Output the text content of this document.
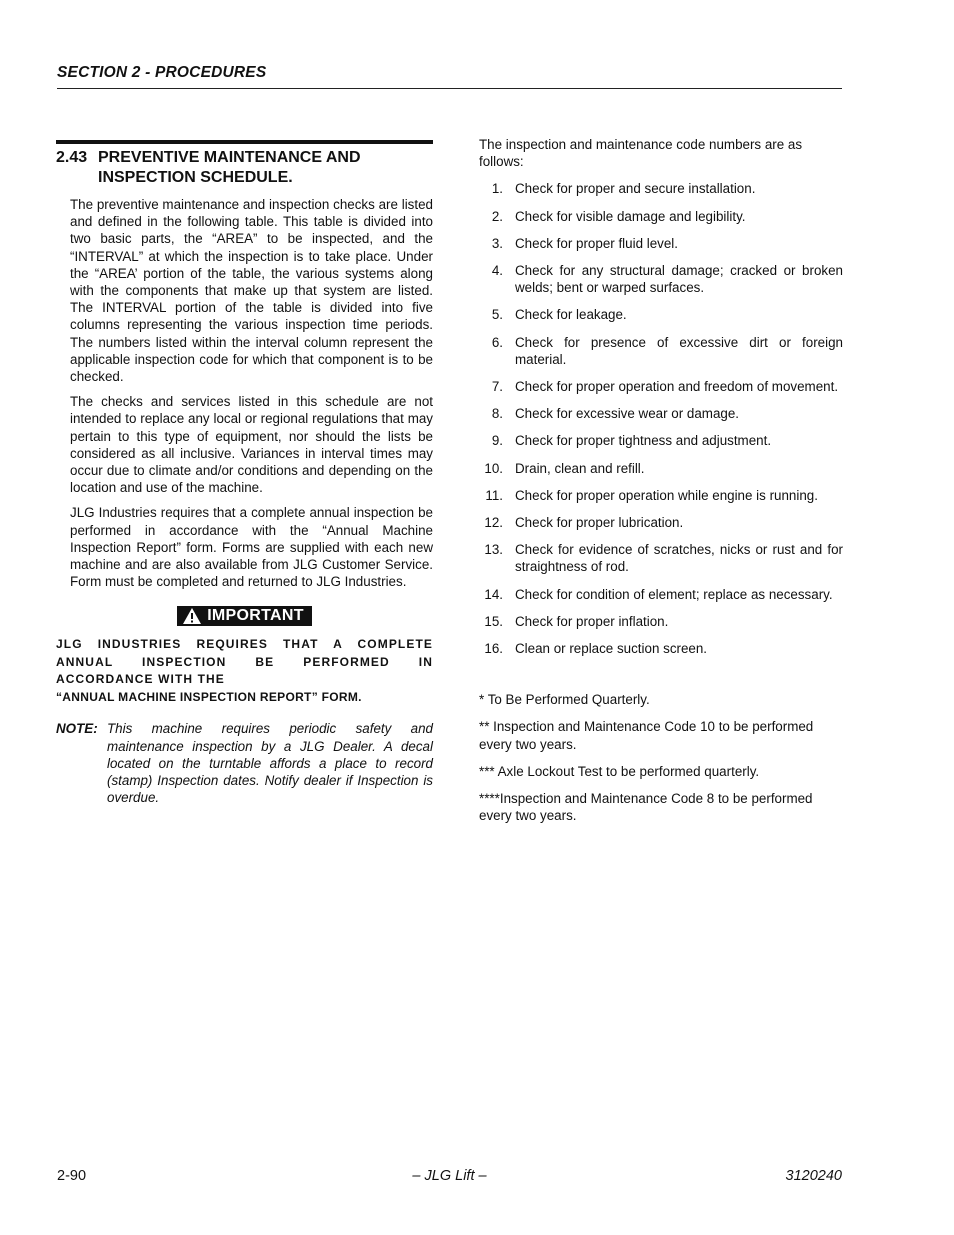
SECTION 2 - PROCEDURES
2.43 PREVENTIVE MAINTENANCE AND INSPECTION SCHEDULE.

The preventive maintenance and inspection checks are listed and defined in the following table. This table is divided into two basic parts, the “AREA” to be inspected, and the “INTERVAL” at which the inspection is to take place. Under the “AREA’ portion of the table, the various systems along with the components that make up that system are listed. The INTERVAL portion of the table is divided into five columns representing the various inspection time periods. The numbers listed within the interval column represent the applicable inspection code for which that component is to be checked.

The checks and services listed in this schedule are not intended to replace any local or regional regulations that may pertain to this type of equipment, nor should the lists be considered as all inclusive. Variances in interval times may occur due to climate and/or conditions and depending on the location and use of the machine.

JLG Industries requires that a complete annual inspection be performed in accordance with the “Annual Machine Inspection Report” form. Forms are supplied with each new machine and are also available from JLG Customer Service. Form must be completed and returned to JLG Industries.

IMPORTANT
JLG INDUSTRIES REQUIRES THAT A COMPLETE ANNUAL INSPECTION BE PERFORMED IN ACCORDANCE WITH THE
“ANNUAL MACHINE INSPECTION REPORT” FORM.
NOTE: This machine requires periodic safety and maintenance inspection by a JLG Dealer. A decal located on the turntable affords a place to record (stamp) Inspection dates. Notify dealer if Inspection is overdue.
The inspection and maintenance code numbers are as follows:
1. Check for proper and secure installation.
2. Check for visible damage and legibility.
3. Check for proper fluid level.
4. Check for any structural damage; cracked or broken welds; bent or warped surfaces.
5. Check for leakage.
6. Check for presence of excessive dirt or foreign material.
7. Check for proper operation and freedom of movement.
8. Check for excessive wear or damage.
9. Check for proper tightness and adjustment.
10. Drain, clean and refill.
11. Check for proper operation while engine is running.
12. Check for proper lubrication.
13. Check for evidence of scratches, nicks or rust and for straightness of rod.
14. Check for condition of element; replace as necessary.
15. Check for proper inflation.
16. Clean or replace suction screen.
* To Be Performed Quarterly.
** Inspection and Maintenance Code 10 to be performed every two years.
*** Axle Lockout Test to be performed quarterly.
****Inspection and Maintenance Code 8 to be performed every two years.
2-90	– JLG Lift –	3120240
